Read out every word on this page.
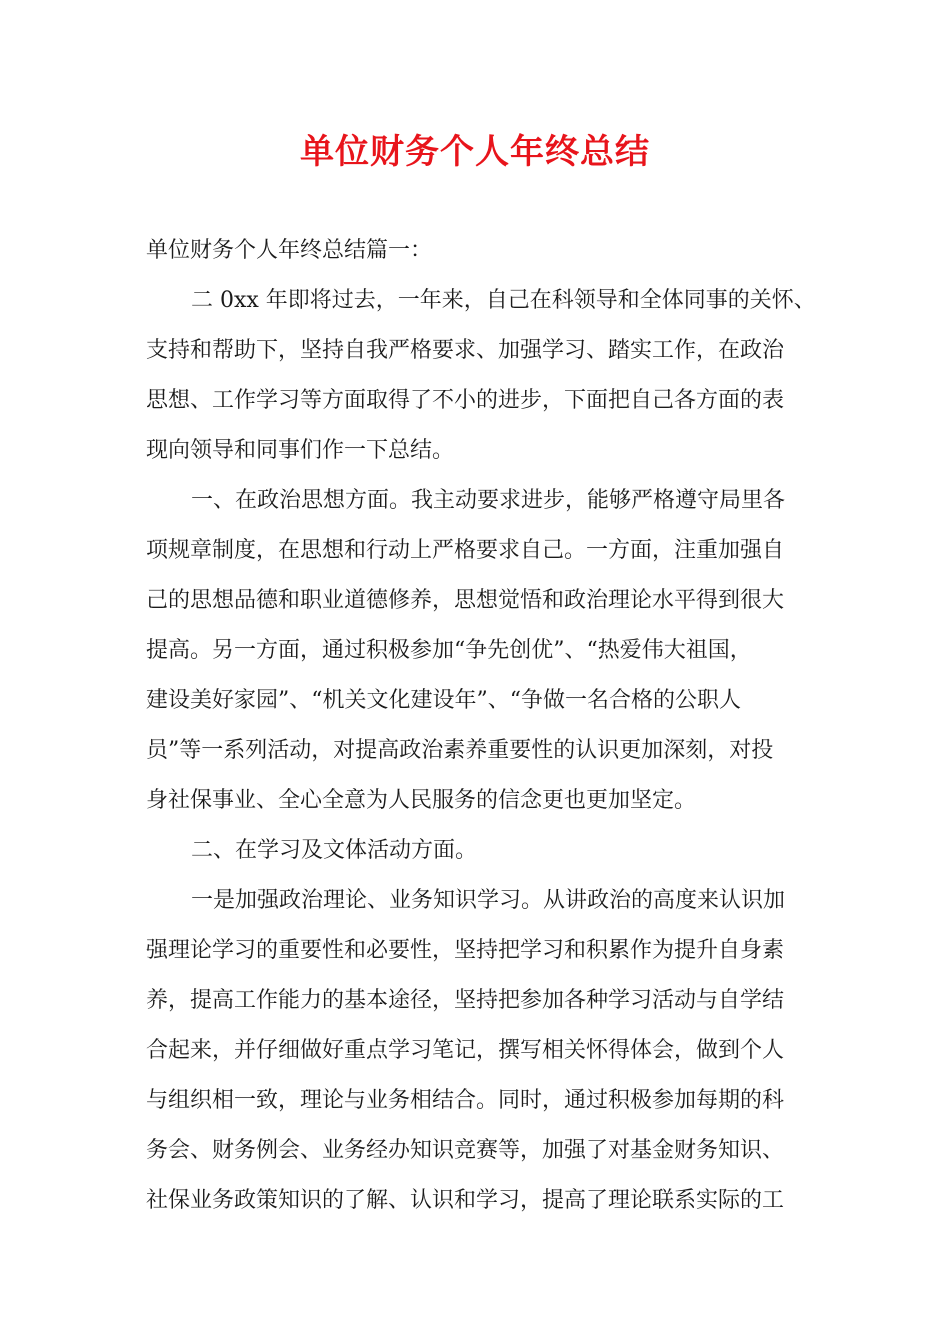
单位财务个人年终总结
单位财务个人年终总结篇一：
二 0xx 年即将过去，一年来，自己在科领导和全体同事的关怀、
支持和帮助下，坚持自我严格要求、加强学习、踏实工作，在政治
思想、工作学习等方面取得了不小的进步，下面把自己各方面的表
现向领导和同事们作一下总结。
一、在政治思想方面。我主动要求进步，能够严格遵守局里各
项规章制度，在思想和行动上严格要求自己。一方面，注重加强自
己的思想品德和职业道德修养，思想觉悟和政治理论水平得到很大
提高。另一方面，通过积极参加“争先创优”、“热爱伟大祖国，
建设美好家园”、“机关文化建设年”、“争做一名合格的公职人
员”等一系列活动，对提高政治素养重要性的认识更加深刻，对投
身社保事业、全心全意为人民服务的信念更也更加坚定。
二、在学习及文体活动方面。
一是加强政治理论、业务知识学习。从讲政治的高度来认识加
强理论学习的重要性和必要性，坚持把学习和积累作为提升自身素
养，提高工作能力的基本途径，坚持把参加各种学习活动与自学结
合起来，并仔细做好重点学习笔记，撰写相关怀得体会，做到个人
与组织相一致，理论与业务相结合。同时，通过积极参加每期的科
务会、财务例会、业务经办知识竞赛等，加强了对基金财务知识、
社保业务政策知识的了解、认识和学习，提高了理论联系实际的工
